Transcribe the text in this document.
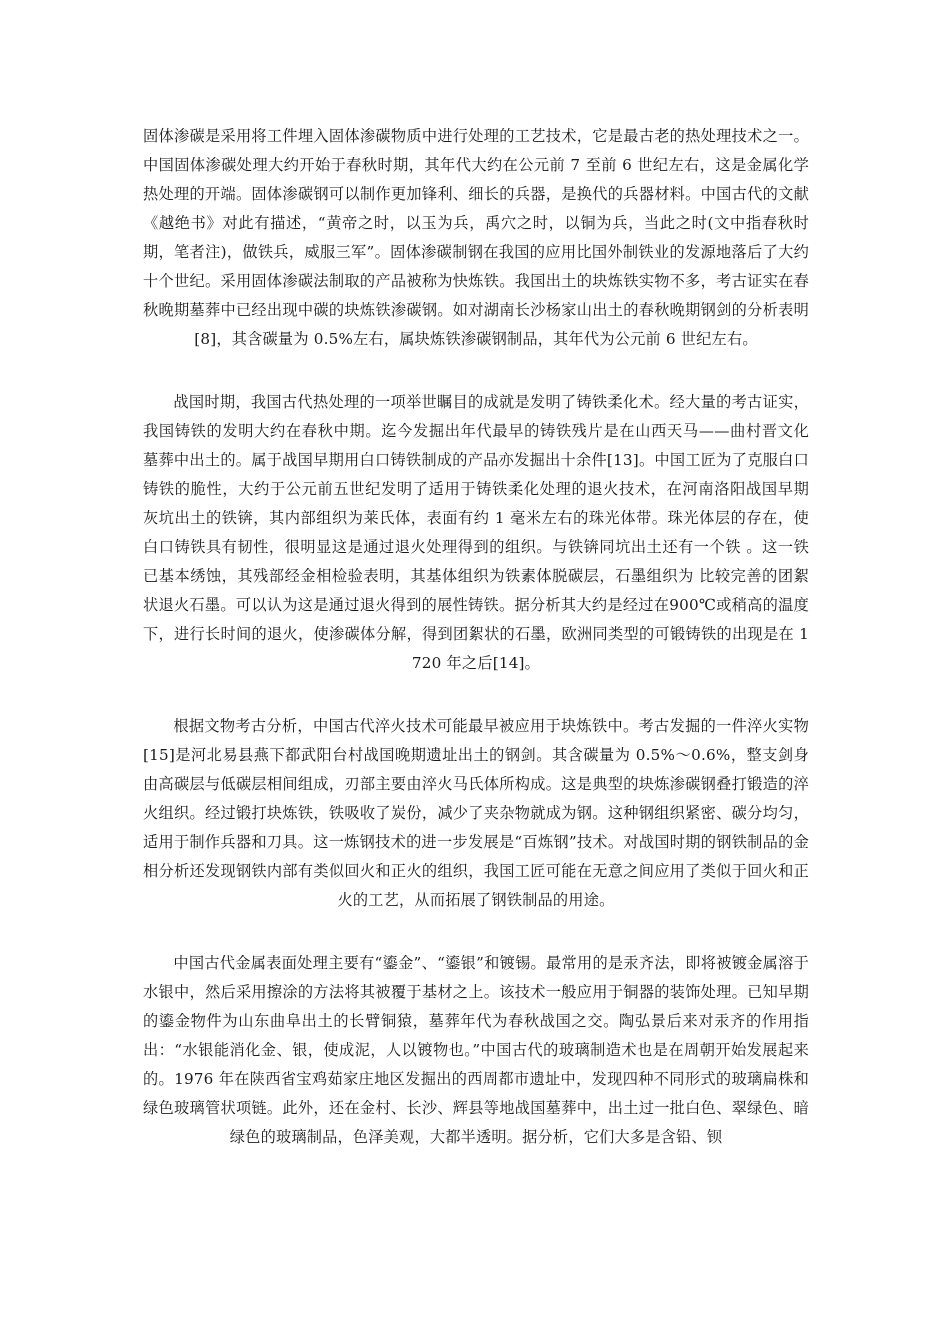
固体渗碳是采用将工件埋入固体渗碳物质中进行处理的工艺技术，它是最古老的热处理技术之一。中国固体渗碳处理大约开始于春秋时期，其年代大约在公元前 7 至前 6 世纪左右，这是金属化学热处理的开端。固体渗碳钢可以制作更加锋利、细长的兵器，是换代的兵器材料。中国古代的文献《越绝书》对此有描述，“黄帝之时，以玉为兵，禹穴之时，以铜为兵，当此之时(文中指春秋时期，笔者注)，做铁兵，威服三军”。固体渗碳制钢在我国的应用比国外制铁业的发源地落后了大约十个世纪。采用固体渗碳法制取的产品被称为快炼铁。我国出土的块炼铁实物不多，考古证实在春秋晚期墓葬中已经出现中碳的块炼铁渗碳钢。如对湖南长沙杨家山出土的春秋晚期钢剑的分析表明[8]，其含碳量为 0.5%左右，属块炼铁渗碳钢制品，其年代为公元前 6 世纪左右。

战国时期，我国古代热处理的一项举世瞩目的成就是发明了铸铁柔化术。经大量的考古证实，我国铸铁的发明大约在春秋中期。迄今发掘出年代最早的铸铁残片是在山西天马——曲村晋文化 墓葬中出土的。属于战国早期用白口铸铁制成的产品亦发掘出十余件[13]。中国工匠为了克服白口 铸铁的脆性，大约于公元前五世纪发明了适用于铸铁柔化处理的退火技术，在河南洛阳战国早期 灰坑出土的铁锛，其内部组织为莱氏体，表面有约 1 毫米左右的珠光体带。珠光体层的存在，使白口铸铁具有韧性，很明显这是通过退火处理得到的组织。与铁锛同坑出土还有一个铁 。这一铁已基本绣蚀，其残部经金相检验表明，其基体组织为铁素体脱碳层，石墨组织为 比较完善的团絮状退火石墨。可以认为这是通过退火得到的展性铸铁。据分析其大约是经过在900℃或稍高的温度下，进行长时间的退火，使渗碳体分解，得到团絮状的石墨，欧洲同类型的可锻铸铁的出现是在 1720 年之后[14]。

根据文物考古分析，中国古代淬火技术可能最早被应用于块炼铁中。考古发掘的一件淬火实物[15]是河北易县燕下都武阳台村战国晚期遗址出土的钢剑。其含碳量为 0.5%～0.6%，整支剑身由高碳层与低碳层相间组成，刃部主要由淬火马氏体所构成。这是典型的块炼渗碳钢叠打锻造的淬火组织。经过锻打块炼铁，铁吸收了炭份，减少了夹杂物就成为钢。这种钢组织紧密、碳分均匀，适用于制作兵器和刀具。这一炼钢技术的进一步发展是“百炼钢”技术。对战国时期的钢铁制品的金相分析还发现钢铁内部有类似回火和正火的组织，我国工匠可能在无意之间应用了类似于回火和正火的工艺，从而拓展了钢铁制品的用途。

中国古代金属表面处理主要有“鎏金”、“鎏银”和镀锡。最常用的是汞齐法，即将被镀金属溶于水银中，然后采用擦涂的方法将其被覆于基材之上。该技术一般应用于铜器的装饰处理。已知早期的鎏金物件为山东曲阜出土的长臂铜猿，墓葬年代为春秋战国之交。陶弘景后来对汞齐的作用指出：“水银能消化金、银，使成泥，人以镀物也。”中国古代的玻璃制造术也是在周朝开始发展起来的。1976 年在陕西省宝鸡茹家庄地区发掘出的西周都市遗址中，发现四种不同形式的玻璃扁株和绿色玻璃管状项链。此外，还在金村、长沙、辉县等地战国墓葬中，出土过一批白色、翠绿色、暗绿色的玻璃制品，色泽美观，大都半透明。据分析，它们大多是含铅、钡
